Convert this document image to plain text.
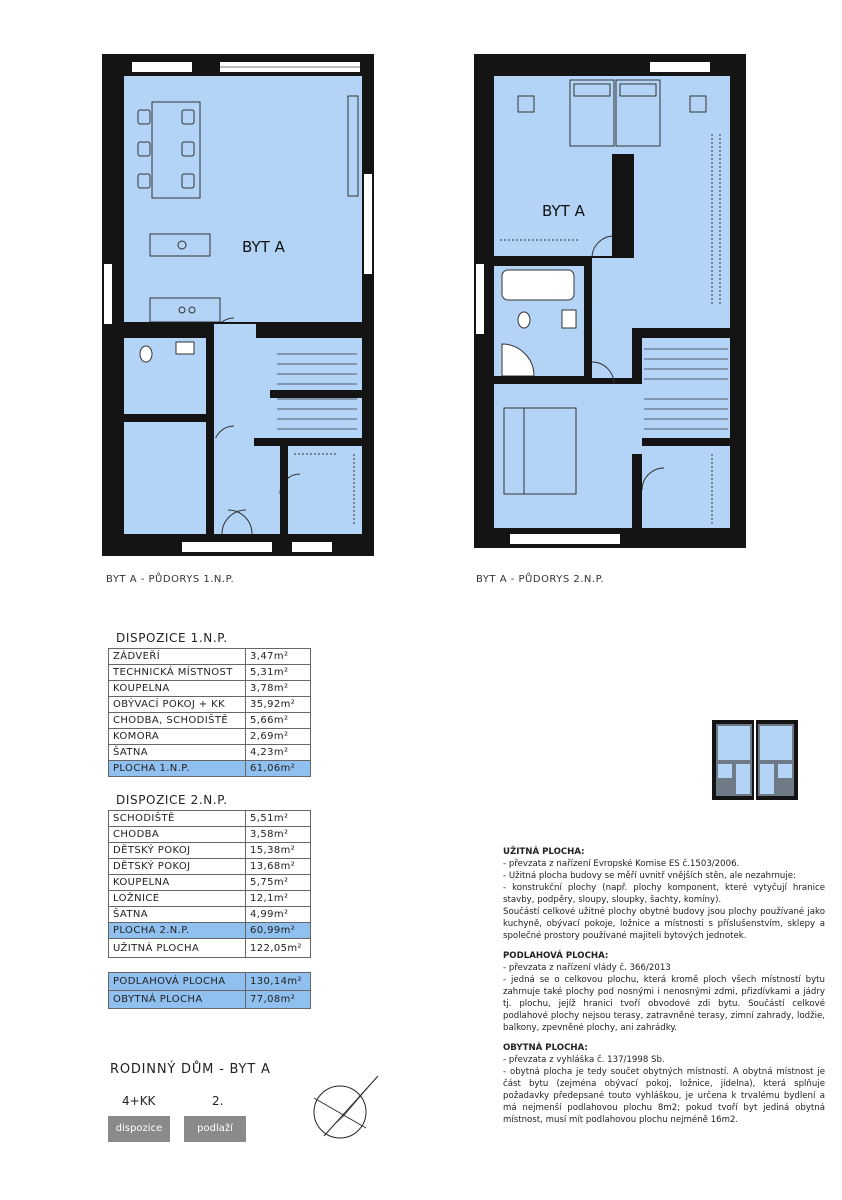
BYT A
BYT A - PŮDORYS 1.N.P.
BYT A
BYT A - PŮDORYS 2.N.P.
DISPOZICE 1.N.P.
ZÁDVEŘÍ	3,47m²
TECHNICKÁ MÍSTNOST	5,31m²
KOUPELNA	3,78m²
OBÝVACÍ POKOJ + KK	35,92m²
CHODBA, SCHODIŠTĚ	5,66m²
KOMORA	2,69m²
ŠATNA	4,23m²
PLOCHA 1.N.P.	61,06m²
DISPOZICE 2.N.P.
SCHODIŠTĚ	5,51m²
CHODBA	3,58m²
DĚTSKÝ POKOJ	15,38m²
DĚTSKÝ POKOJ	13,68m²
KOUPELNA	5,75m²
LOŽNICE	12,1m²
ŠATNA	4,99m²
PLOCHA 2.N.P.	60,99m²
UŽITNÁ PLOCHA	122,05m²
PODLAHOVÁ PLOCHA	130,14m²
OBYTNÁ PLOCHA	77,08m²
RODINNÝ DŮM - BYT A
4+KK	2.
dispozice	podlaží
UŽITNÁ PLOCHA:

- převzata z nařízení Evropské Komise ES č.1503/2006.

- Užitná plocha budovy se měří uvnitř vnějších stěn, ale nezahrnuje:

- konstrukční plochy (např. plochy komponent, které vytyčují hranice stavby, podpěry, sloupy, sloupky, šachty, komíny).

Součástí celkové užitné plochy obytné budovy jsou plochy používané jako kuchyně, obývací pokoje, ložnice a místnosti s příslušenstvím, sklepy a společné prostory používané majiteli bytových jednotek.

PODLAHOVÁ PLOCHA:

- převzata z nařízení vlády č. 366/2013

- jedná se o celkovou plochu, která kromě ploch všech místností bytu zahrnuje také plochy pod nosnými i nenosnými zdmi, přizdívkami a jádry tj. plochu, jejíž hranici tvoří obvodové zdi bytu. Součástí celkové podlahové plochy nejsou terasy, zatravněné terasy, zimní zahrady, lodžie, balkony, zpevněné plochy, ani zahrádky.

OBYTNÁ PLOCHA:

- převzata z vyhláška č. 137/1998 Sb.

- obytná plocha je tedy součet obytných místností. A obytná místnost je část bytu (zejména obývací pokoj, ložnice, jídelna), která splňuje požadavky předepsané touto vyhláškou, je určena k trvalému bydlení a má nejmenší podlahovou plochu 8m2; pokud tvoří byt jediná obytná místnost, musí mít podlahovou plochu nejméně 16m2.
